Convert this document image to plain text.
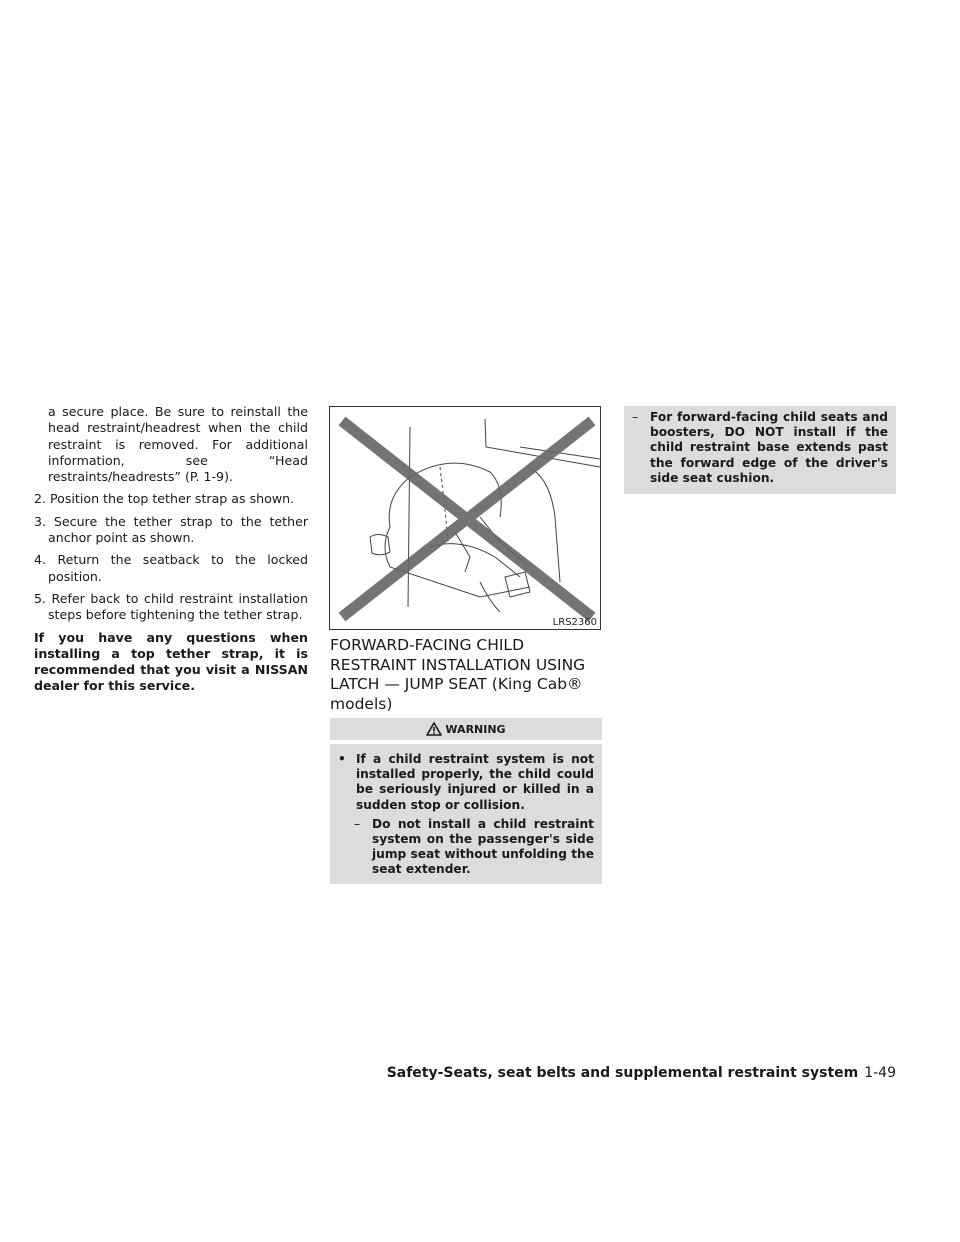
a secure place. Be sure to reinstall the head restraint/headrest when the child restraint is removed. For additional information, see “Head restraints/headrests” (P. 1-9).

2. Position the top tether strap as shown.

3. Secure the tether strap to the tether anchor point as shown.

4. Return the seatback to the locked position.

5. Refer back to child restraint installation steps before tightening the tether strap.

If you have any questions when installing a top tether strap, it is recommended that you visit a NISSAN dealer for this service.

LRS2360
FORWARD-FACING CHILD RESTRAINT INSTALLATION USING LATCH — JUMP SEAT (King Cab® models)
WARNING
• If a child restraint system is not installed properly, the child could be seriously injured or killed in a sudden stop or collision.
– Do not install a child restraint system on the passenger's side jump seat without unfolding the seat extender.
– For forward-facing child seats and boosters, DO NOT install if the child restraint base extends past the forward edge of the driver's side seat cushion.
Safety-Seats, seat belts and supplemental restraint system 1-49
